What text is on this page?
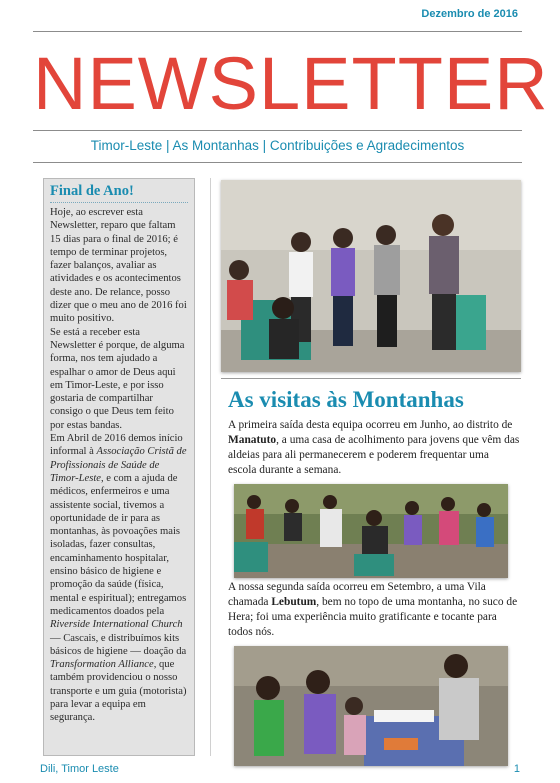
Dezembro de 2016
NEWSLETTER
Timor-Leste | As Montanhas | Contribuições e Agradecimentos
Final de Ano!

Hoje, ao escrever esta Newsletter, reparo que faltam 15 dias para o final de 2016; é tempo de terminar projetos, fazer balanços, avaliar as atividades e os acontecimentos deste ano. De relance, posso dizer que o meu ano de 2016 foi muito positivo.

Se está a receber esta Newsletter é porque, de alguma forma, nos tem ajudado a espalhar o amor de Deus aqui em Timor-Leste, e por isso gostaria de compartilhar consigo o que Deus tem feito por estas bandas.

Em Abril de 2016 demos início informal à Associação Cristã de Profissionais de Saúde de Timor-Leste, e com a ajuda de médicos, enfermeiros e uma assistente social, tivemos a oportunidade de ir para as montanhas, às povoações mais isoladas, fazer consultas, encaminhamento hospitalar, ensino básico de higiene e promoção da saúde (física, mental e espiritual); entregamos medicamentos doados pela Riverside International Church — Cascais, e distribuímos kits básicos de higiene — doação da Transformation Alliance, que também providenciou o nosso transporte e um guia (motorista) para levar a equipa em segurança.

As visitas às Montanhas
A primeira saída desta equipa ocorreu em Junho, ao distrito de Manatuto, a uma casa de acolhimento para jovens que vêm das aldeias para ali permanecerem e poderem frequentar uma escola durante a semana.
A nossa segunda saída ocorreu em Setembro, a uma Vila chamada Lebutum, bem no topo de uma montanha, no suco de Hera; foi uma experiência muito gratificante e tocante para todos nós.
Dili, Timor Leste	1
